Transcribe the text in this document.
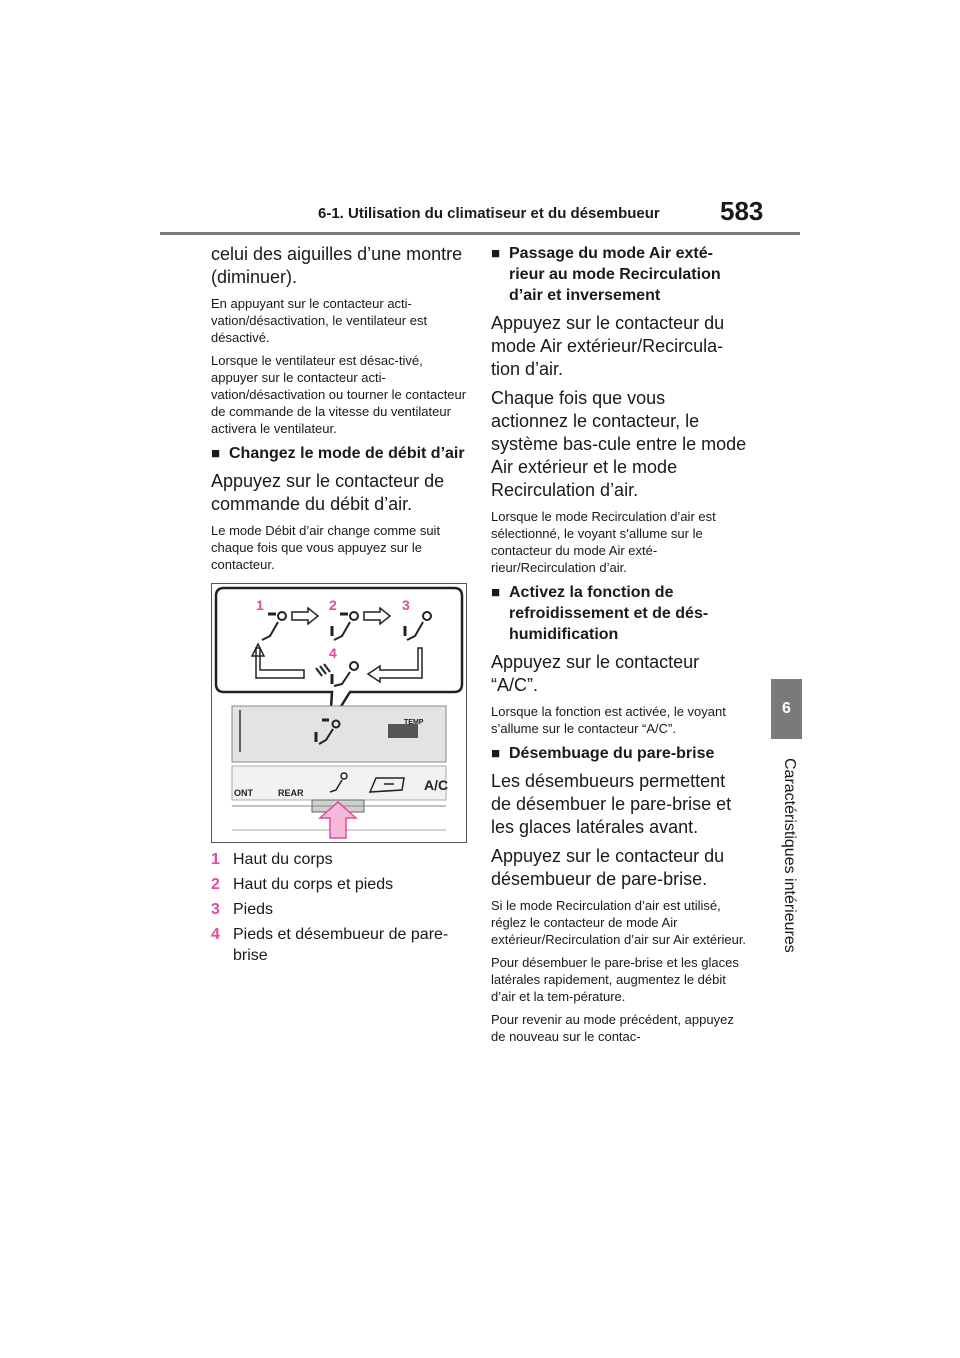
6-1. Utilisation du climatiseur et du désembueur 583
6
Caractéristiques intérieures

celui des aiguilles d’une montre (diminuer).

En appuyant sur le contacteur acti-vation/désactivation, le ventilateur est désactivé.

Lorsque le ventilateur est désac-tivé, appuyer sur le contacteur acti-vation/désactivation ou tourner le contacteur de commande de la vitesse du ventilateur activera le ventilateur.

■ Changez le mode de débit d’air

Appuyez sur le contacteur de commande du débit d’air.

Le mode Débit d’air change comme suit chaque fois que vous appuyez sur le contacteur.

1	2	3
4
TEMP
ONT	REAR	A/C
1 Haut du corps
2 Haut du corps et pieds
3 Pieds
4 Pieds et désembueur de pare-brise
■ Passage du mode Air exté-rieur au mode Recirculation d’air et inversement

Appuyez sur le contacteur du mode Air extérieur/Recircula-tion d’air.

Chaque fois que vous actionnez le contacteur, le système bas-cule entre le mode Air extérieur et le mode Recirculation d’air.

Lorsque le mode Recirculation d’air est sélectionné, le voyant s’allume sur le contacteur du mode Air exté-rieur/Recirculation d’air.

■ Activez la fonction de refroidissement et de dés-humidification

Appuyez sur le contacteur “A/C”.

Lorsque la fonction est activée, le voyant s’allume sur le contacteur “A/C”.

■ Désembuage du pare-brise

Les désembueurs permettent de désembuer le pare-brise et les glaces latérales avant.

Appuyez sur le contacteur du désembueur de pare-brise.

Si le mode Recirculation d’air est utilisé, réglez le contacteur de mode Air extérieur/Recirculation d’air sur Air extérieur.

Pour désembuer le pare-brise et les glaces latérales rapidement, augmentez le débit d’air et la tem-pérature.

Pour revenir au mode précédent, appuyez de nouveau sur le contac-
